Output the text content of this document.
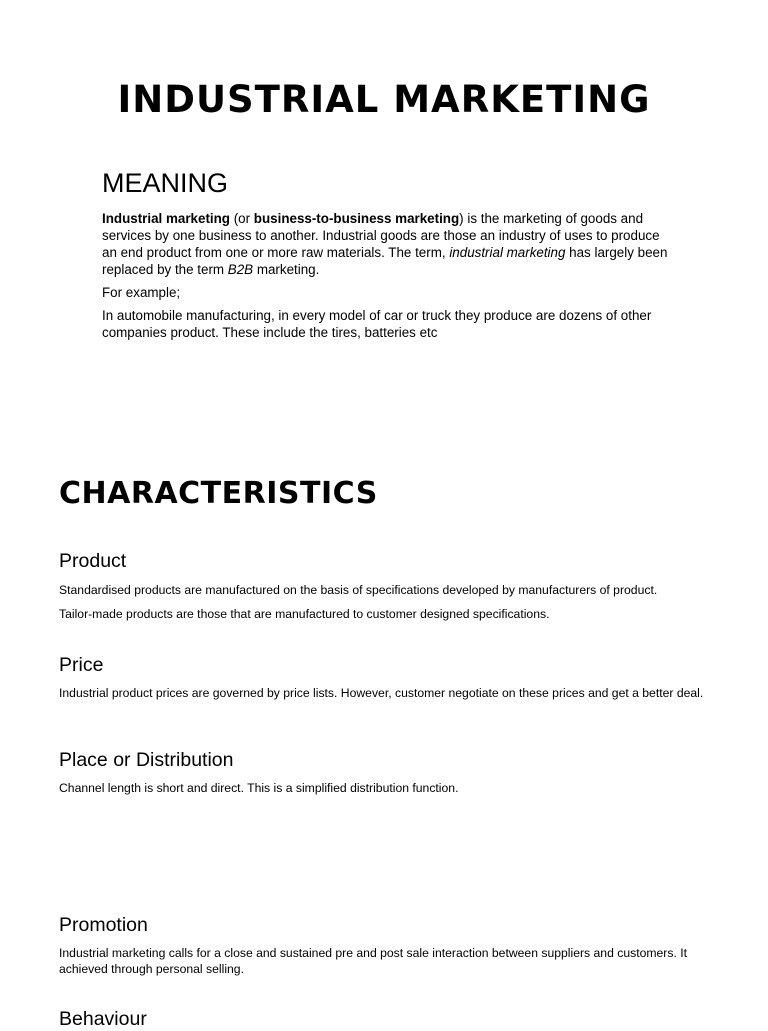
INDUSTRIAL MARKETING
MEANING

Industrial marketing (or business-to-business marketing) is the marketing of goods and services by one business to another. Industrial goods are those an industry of uses to produce an end product from one or more raw materials. The term, industrial marketing has largely been replaced by the term B2B marketing.

For example;

In automobile manufacturing, in every model of car or truck they produce are dozens of other companies product. These include the tires, batteries etc

CHARACTERISTICS
Product

Standardised products are manufactured on the basis of specifications developed by manufacturers of product.

Tailor-made products are those that are manufactured to customer designed specifications.

Price

Industrial product prices are governed by price lists. However, customer negotiate on these prices and get a better deal.

Place or Distribution

Channel length is short and direct. This is a simplified distribution function.

Promotion

Industrial marketing calls for a close and sustained pre and post sale interaction between suppliers and customers. It achieved through personal selling.

Behaviour
